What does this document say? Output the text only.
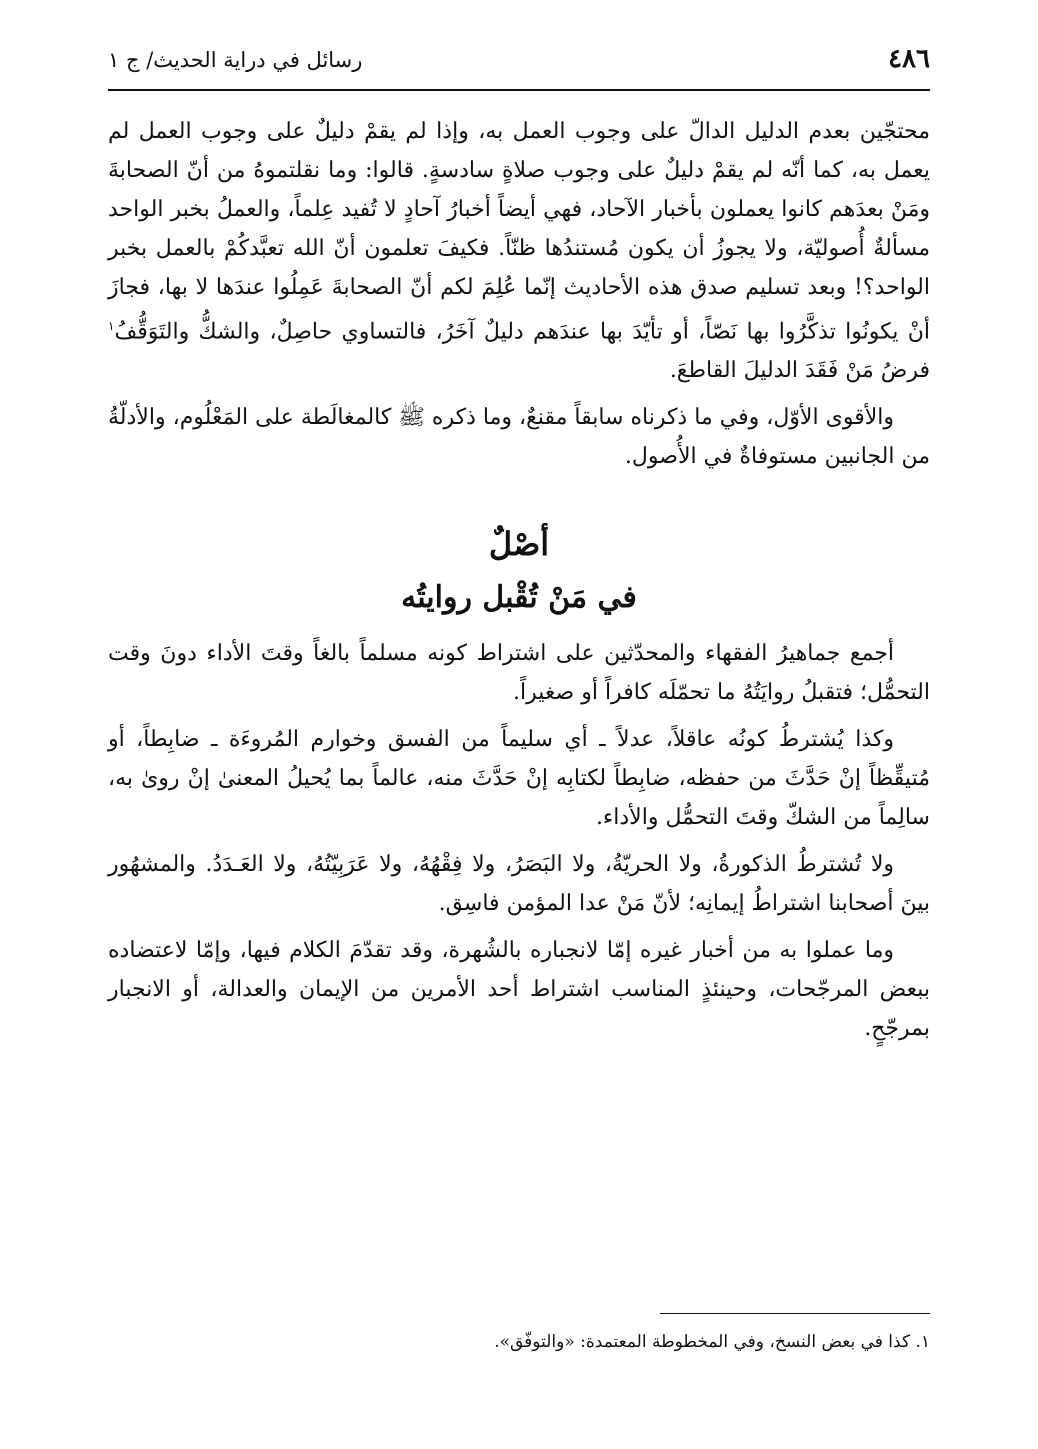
٤٨٦
رسائل في دراية الحديث/ ج ١

محتجّين بعدم الدليل الدالّ على وجوب العمل به، وإذا لم يقمْ دليلٌ على وجوب العمل لم يعمل به، كما أنّه لم يقمْ دليلٌ على وجوب صلاةٍ سادسةٍ. قالوا: وما نقلتموهُ من أنّ الصحابةَ ومَنْ بعدَهم كانوا يعملون بأخبار الآحاد، فهي أيضاً أخبارُ آحادٍ لا تُفيد عِلماً، والعملُ بخبر الواحد مسألةٌ أُصوليّة، ولا يجوزُ أن يكون مُستندُها ظنّاً. فكيفَ تعلمون أنّ الله تعبَّدكُمْ بالعمل بخبر الواحد؟! وبعد تسليم صدق هذه الأحاديث إنّما عُلِمَ لكم أنّ الصحابةَ عَمِلُوا عندَها لا بها، فجازَ أنْ يكونُوا تذكَّرُوا بها نَصّاً، أو تأيّدَ بها عندَهم دليلٌ آخَرُ، فالتساوي حاصِلٌ، والشكُّ والتَوَقُّفُ$^١$ فرضُ مَنْ فَقَدَ الدليلَ القاطعَ.

والأقوى الأوّل، وفي ما ذكرناه سابقاً مقنعٌ، وما ذكره ﷺ كالمغالَطة على المَعْلُوم، والأدلّةُ من الجانبين مستوفاةٌ في الأُصول.

أصْلٌ
في مَنْ تُقْبل روايتُه

أجمع جماهيرُ الفقهاء والمحدّثين على اشتراط كونه مسلماً بالغاً وقتَ الأداء دونَ وقت التحمُّل؛ فتقبلُ روايَتُهُ ما تحمّلَه كافراً أو صغيراً.

وكذا يُشترطُ كونُه عاقلاً، عدلاً ـ أي سليماً من الفسق وخوارم المُروءَة ـ ضابِطاً، أو مُتيقِّظاً إنْ حَدَّثَ من حفظه، ضابِطاً لكتابِه إنْ حَدَّثَ منه، عالماً بما يُحيلُ المعنىٰ إنْ روىٰ به، سالِماً من الشكّ وقتَ التحمُّل والأداء.

ولا تُشترطُ الذكورةُ، ولا الحريّةُ، ولا البَصَرُ، ولا فِقْهُهُ، ولا عَرَبِيّتُهُ، ولا العَـدَدُ. والمشهُور بينَ أصحابنا اشتراطُ إيمانِه؛ لأنّ مَنْ عدا المؤمن فاسِق.

وما عملوا به من أخبار غيره إمّا لانجباره بالشُهرة، وقد تقدّمَ الكلام فيها، وإمّا لاعتضاده ببعض المرجّحات، وحينئذٍ المناسب اشتراط أحد الأمرين من الإيمان والعدالة، أو الانجبار بمرجّحٍ.

١. كذا في بعض النسخ، وفي المخطوطة المعتمدة: «والتوفّق».
